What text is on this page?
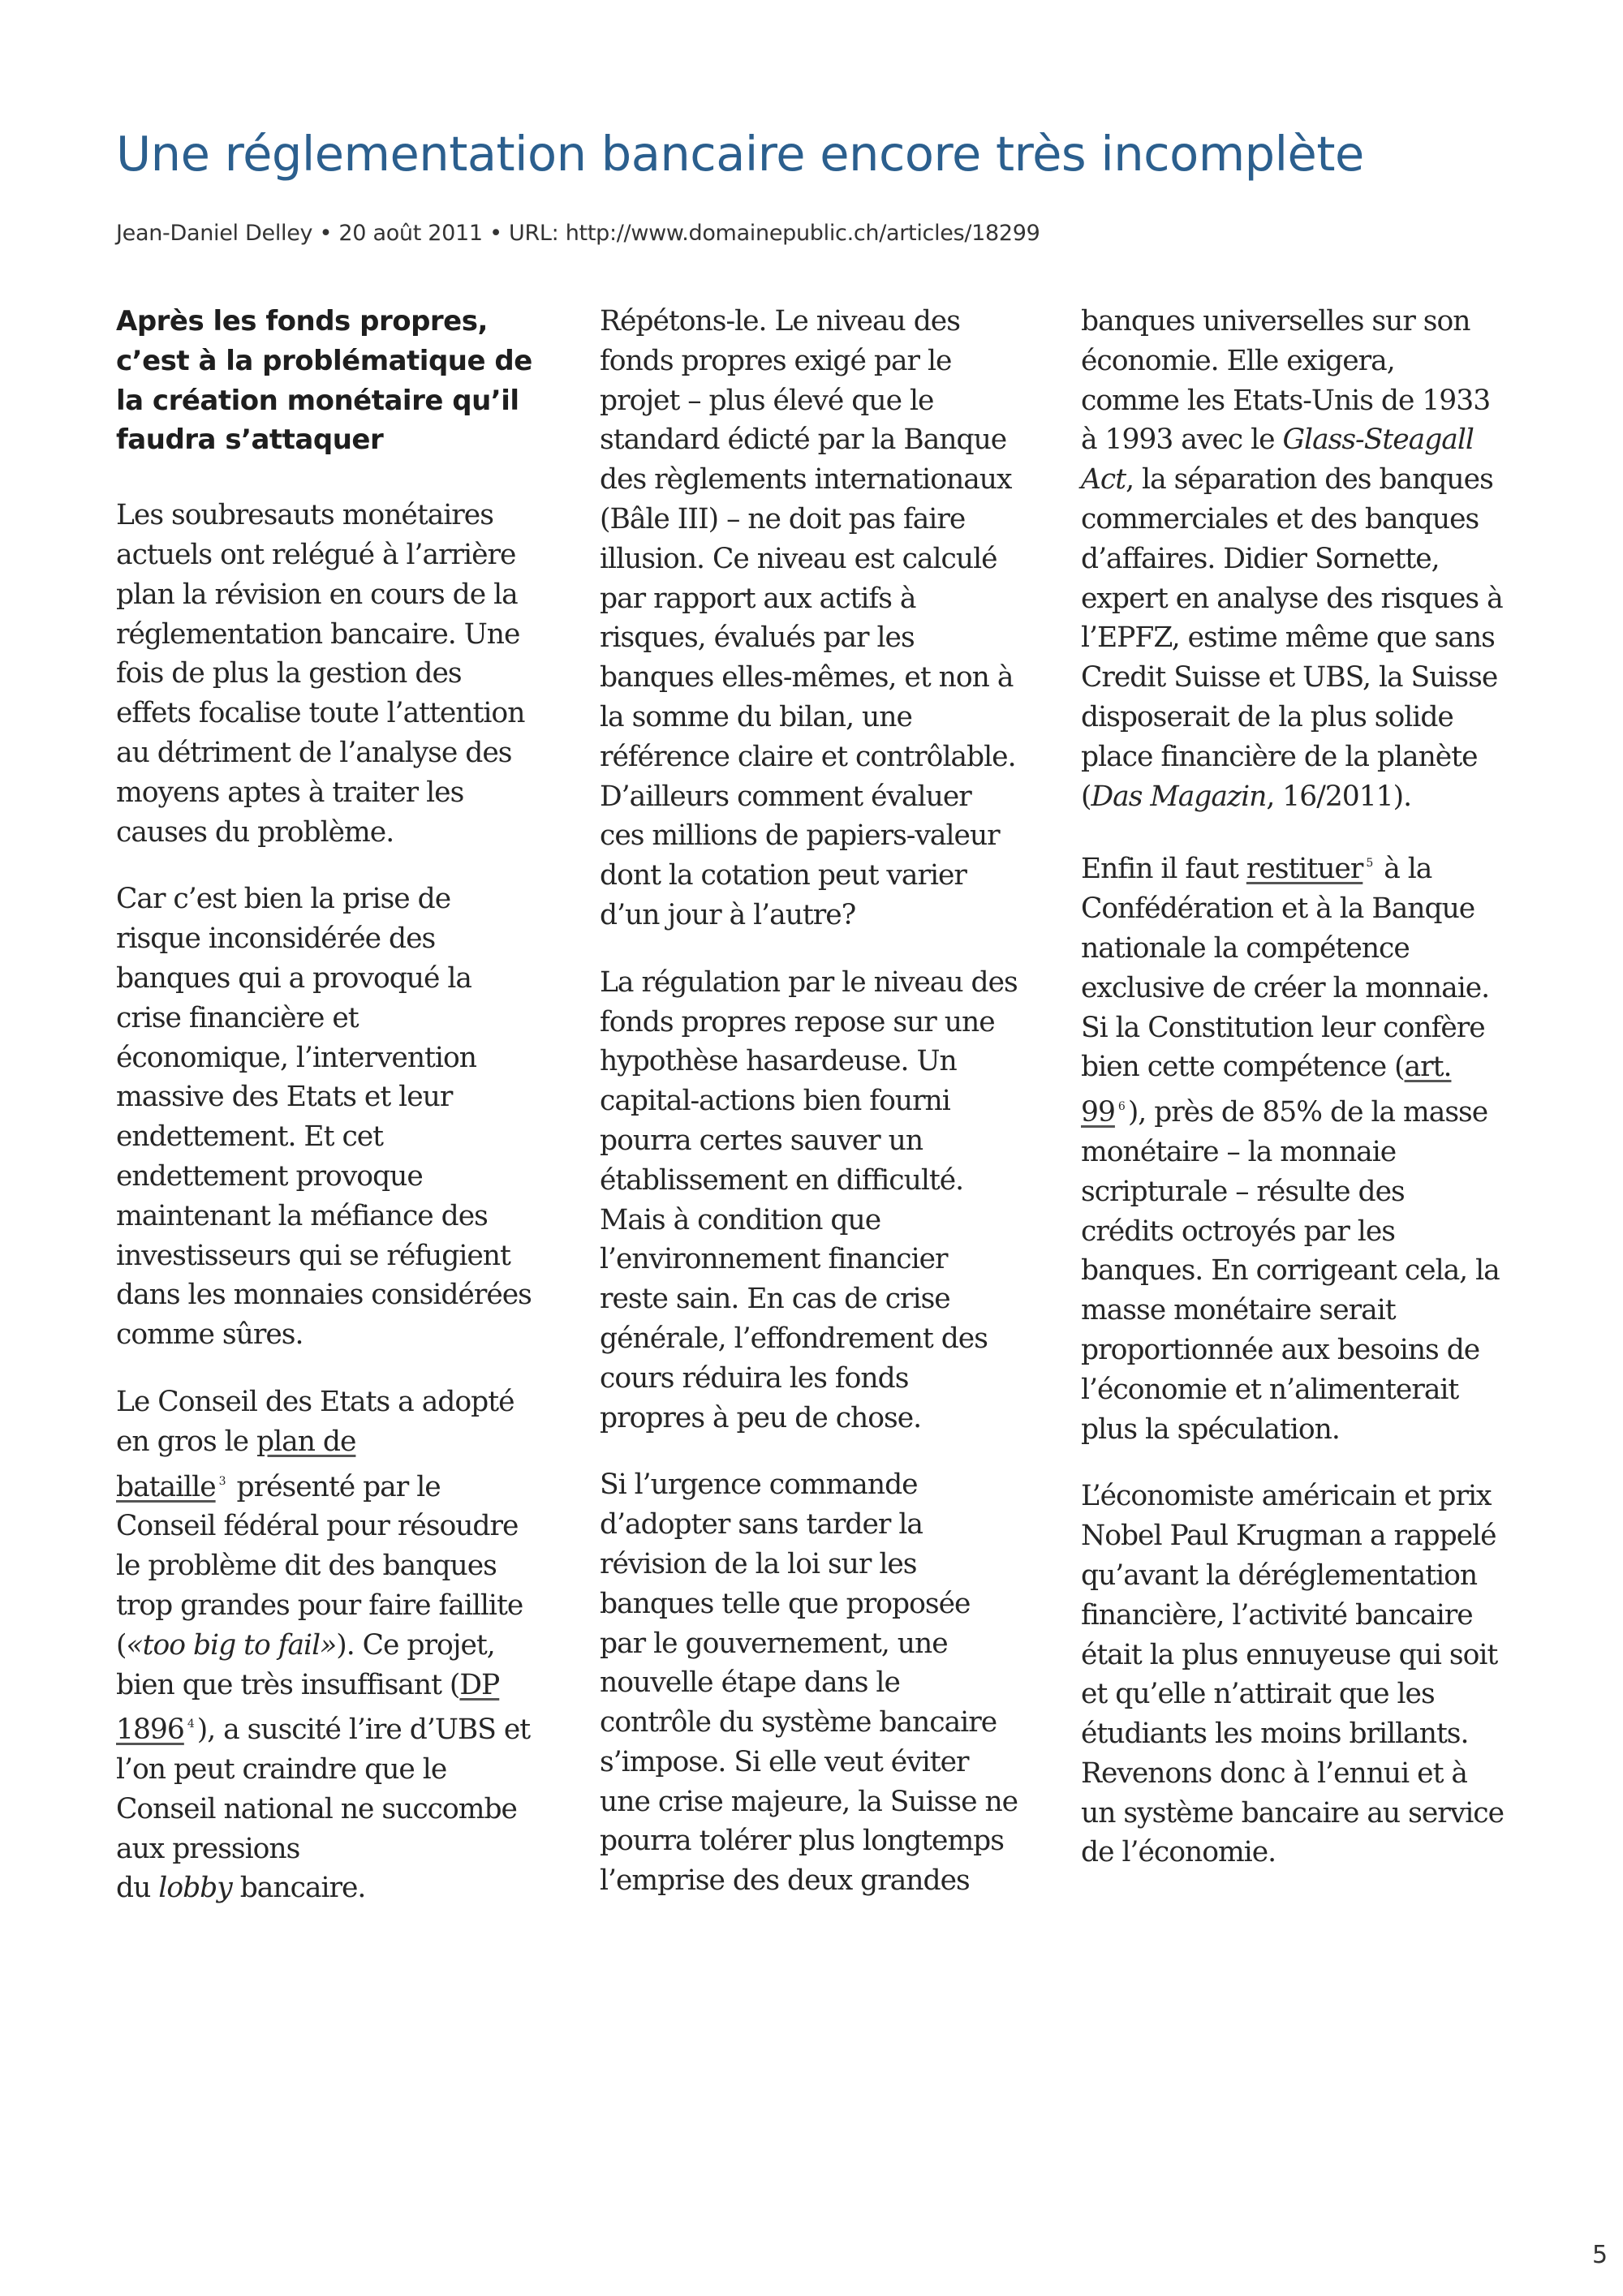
Une réglementation bancaire encore très incomplète
Jean-Daniel Delley • 20 août 2011 • URL: http://www.domainepublic.ch/articles/18299

Après les fonds propres,
c’est à la problématique de
la création monétaire qu’il
faudra s’attaquer

Les soubresauts monétaires
actuels ont relégué à l’arrière
plan la révision en cours de la
réglementation bancaire. Une
fois de plus la gestion des
effets focalise toute l’attention
au détriment de l’analyse des
moyens aptes à traiter les
causes du problème.

Car c’est bien la prise de
risque inconsidérée des
banques qui a provoqué la
crise financière et
économique, l’intervention
massive des Etats et leur
endettement. Et cet
endettement provoque
maintenant la méfiance des
investisseurs qui se réfugient
dans les monnaies considérées
comme sûres.

Le Conseil des Etats a adopté
en gros le plan de
bataille $^3$ présenté par le
Conseil fédéral pour résoudre
le problème dit des banques
trop grandes pour faire faillite
(«too big to fail»). Ce projet,
bien que très insuffisant (DP
1896 $^4$ ), a suscité l’ire d’UBS et
l’on peut craindre que le
Conseil national ne succombe
aux pressions
du lobby bancaire.

Répétons-le. Le niveau des
fonds propres exigé par le
projet – plus élevé que le
standard édicté par la Banque
des règlements internationaux
(Bâle III) – ne doit pas faire
illusion. Ce niveau est calculé
par rapport aux actifs à
risques, évalués par les
banques elles-mêmes, et non à
la somme du bilan, une
référence claire et contrôlable.
D’ailleurs comment évaluer
ces millions de papiers-valeur
dont la cotation peut varier
d’un jour à l’autre?

La régulation par le niveau des
fonds propres repose sur une
hypothèse hasardeuse. Un
capital-actions bien fourni
pourra certes sauver un
établissement en difficulté.
Mais à condition que
l’environnement financier
reste sain. En cas de crise
générale, l’effondrement des
cours réduira les fonds
propres à peu de chose.

Si l’urgence commande
d’adopter sans tarder la
révision de la loi sur les
banques telle que proposée
par le gouvernement, une
nouvelle étape dans le
contrôle du système bancaire
s’impose. Si elle veut éviter
une crise majeure, la Suisse ne
pourra tolérer plus longtemps
l’emprise des deux grandes

banques universelles sur son
économie. Elle exigera,
comme les Etats-Unis de 1933
à 1993 avec le Glass-Steagall
Act, la séparation des banques
commerciales et des banques
d’affaires. Didier Sornette,
expert en analyse des risques à
l’EPFZ, estime même que sans
Credit Suisse et UBS, la Suisse
disposerait de la plus solide
place financière de la planète
(Das Magazin, 16/2011).

Enfin il faut restituer $^5$ à la
Confédération et à la Banque
nationale la compétence
exclusive de créer la monnaie.
Si la Constitution leur confère
bien cette compétence (art.
99 $^6$ ), près de 85% de la masse
monétaire – la monnaie
scripturale – résulte des
crédits octroyés par les
banques. En corrigeant cela, la
masse monétaire serait
proportionnée aux besoins de
l’économie et n’alimenterait
plus la spéculation.

L’économiste américain et prix
Nobel Paul Krugman a rappelé
qu’avant la déréglementation
financière, l’activité bancaire
était la plus ennuyeuse qui soit
et qu’elle n’attirait que les
étudiants les moins brillants.
Revenons donc à l’ennui et à
un système bancaire au service
de l’économie.

5
